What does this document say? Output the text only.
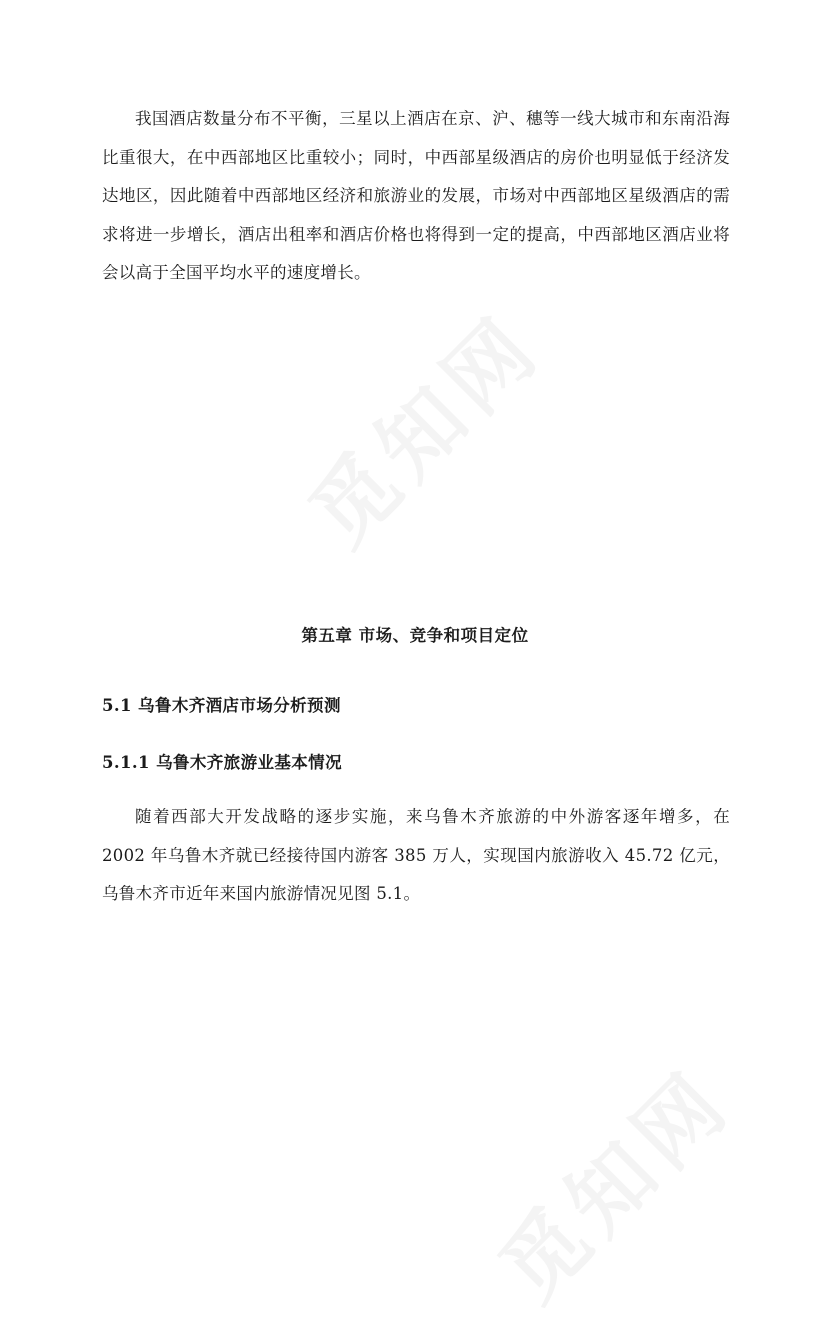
我国酒店数量分布不平衡，三星以上酒店在京、沪、穗等一线大城市和东南沿海比重很大，在中西部地区比重较小；同时，中西部星级酒店的房价也明显低于经济发达地区，因此随着中西部地区经济和旅游业的发展，市场对中西部地区星级酒店的需求将进一步增长，酒店出租率和酒店价格也将得到一定的提高，中西部地区酒店业将会以高于全国平均水平的速度增长。

第五章 市场、竞争和项目定位
5.1 乌鲁木齐酒店市场分析预测
5.1.1 乌鲁木齐旅游业基本情况

随着西部大开发战略的逐步实施，来乌鲁木齐旅游的中外游客逐年增多，在 2002 年乌鲁木齐就已经接待国内游客 385 万人，实现国内旅游收入 45.72 亿元，乌鲁木齐市近年来国内旅游情况见图 5.1。
